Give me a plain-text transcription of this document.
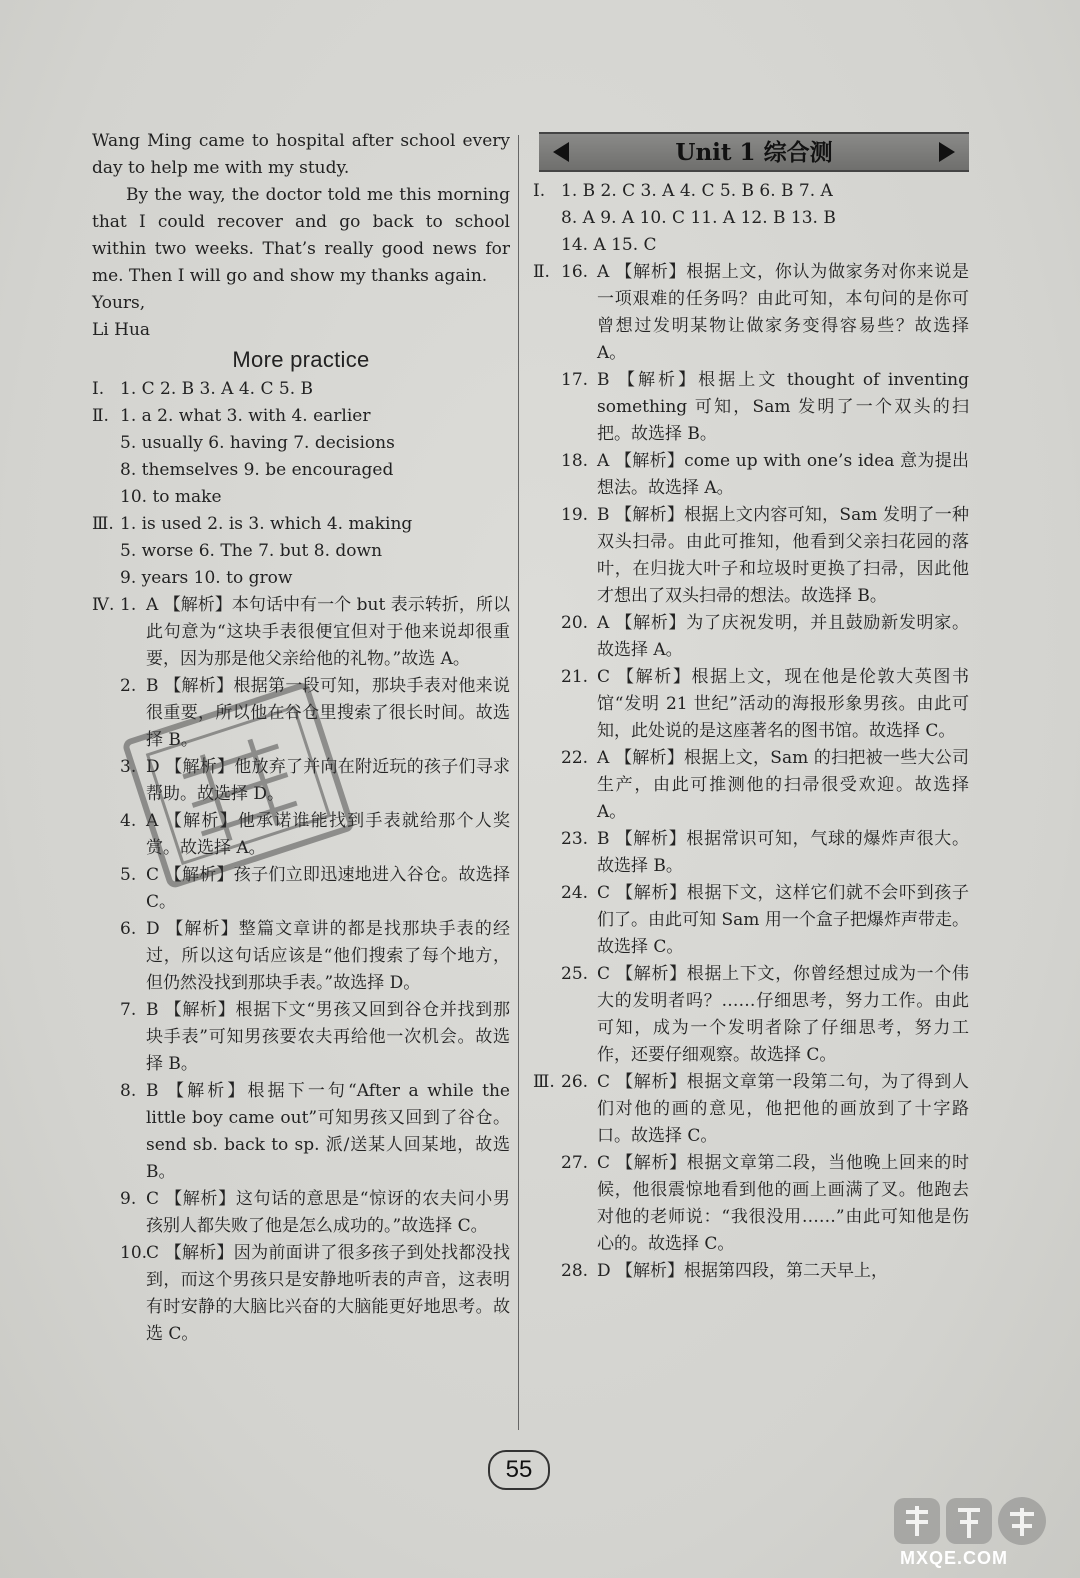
Wang Ming came to hospital after school every day to help me with my study.
By the way, the doctor told me this morning that I could recover and go back to school within two weeks. That’s really good news for me. Then I will go and show my thanks again.
Yours,
Li Hua
More practice
Ⅰ. 1. C 2. B 3. A 4. C 5. B
Ⅱ. 1. a 2. what 3. with 4. earlier
5. usually 6. having 7. decisions
8. themselves 9. be encouraged
10. to make
Ⅲ. 1. is used 2. is 3. which 4. making
5. worse 6. The 7. but 8. down
9. years 10. to grow
Ⅳ. 1. A 【解析】本句话中有一个 but 表示转折，所以此句意为“这块手表很便宜但对于他来说却很重要，因为那是他父亲给他的礼物。”故选 A。
2. B 【解析】根据第一段可知，那块手表对他来说很重要，所以他在谷仓里搜索了很长时间。故选择 B。
3. D 【解析】他放弃了并向在附近玩的孩子们寻求帮助。故选择 D。
4. A 【解析】他承诺谁能找到手表就给那个人奖赏。故选择 A。
5. C 【解析】孩子们立即迅速地进入谷仓。故选择 C。
6. D 【解析】整篇文章讲的都是找那块手表的经过，所以这句话应该是“他们搜索了每个地方，但仍然没找到那块手表。”故选择 D。
7. B 【解析】根据下文“男孩又回到谷仓并找到那块手表”可知男孩要农夫再给他一次机会。故选择 B。
8. B 【解析】根据下一句“After a while the little boy came out”可知男孩又回到了谷仓。send sb. back to sp. 派/送某人回某地，故选 B。
9. C 【解析】这句话的意思是“惊讶的农夫问小男孩别人都失败了他是怎么成功的。”故选择 C。
10.
C 【解析】因为前面讲了很多孩子到处找都没找到，而这个男孩只是安静地听表的声音，这表明有时安静的大脑比兴奋的大脑能更好地思考。故选 C。
Unit 1 综合测
Ⅰ. 1. B 2. C 3. A 4. C 5. B 6. B 7. A
8. A 9. A 10. C 11. A 12. B 13. B
14. A 15. C
Ⅱ. 16. A 【解析】根据上文，你认为做家务对你来说是一项艰难的任务吗？由此可知，本句问的是你可曾想过发明某物让做家务变得容易些？故选择 A。
17. B 【解析】根据上文 thought of inventing something 可知，Sam 发明了一个双头的扫把。故选择 B。
18. A 【解析】come up with one’s idea 意为提出想法。故选择 A。
19. B 【解析】根据上文内容可知，Sam 发明了一种双头扫帚。由此可推知，他看到父亲扫花园的落叶，在归拢大叶子和垃圾时更换了扫帚，因此他才想出了双头扫帚的想法。故选择 B。
20. A 【解析】为了庆祝发明，并且鼓励新发明家。故选择 A。
21. C 【解析】根据上文，现在他是伦敦大英图书馆“发明 21 世纪”活动的海报形象男孩。由此可知，此处说的是这座著名的图书馆。故选择 C。
22. A 【解析】根据上文，Sam 的扫把被一些大公司生产，由此可推测他的扫帚很受欢迎。故选择 A。
23. B 【解析】根据常识可知，气球的爆炸声很大。故选择 B。
24. C 【解析】根据下文，这样它们就不会吓到孩子们了。由此可知 Sam 用一个盒子把爆炸声带走。故选择 C。
25. C 【解析】根据上下文，你曾经想过成为一个伟大的发明者吗？……仔细思考，努力工作。由此可知，成为一个发明者除了仔细思考，努力工作，还要仔细观察。故选择 C。
Ⅲ. 26. C 【解析】根据文章第一段第二句，为了得到人们对他的画的意见，他把他的画放到了十字路口。故选择 C。
27. C 【解析】根据文章第二段，当他晚上回来的时候，他很震惊地看到他的画上画满了叉。他跑去对他的老师说：“我很没用……”由此可知他是伤心的。故选择 C。
28. D 【解析】根据第四段，第二天早上，
55
MXQE.COM
